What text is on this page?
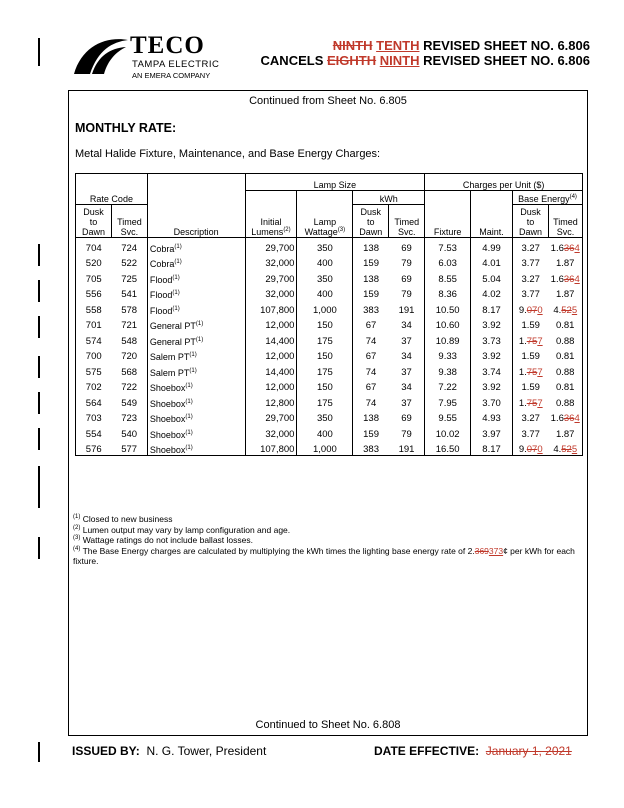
TECO
TAMPA ELECTRIC
AN EMERA COMPANY
NINTH TENTH REVISED SHEET NO. 6.806
CANCELS EIGHTH NINTH REVISED SHEET NO. 6.806
Continued from Sheet No. 6.805
MONTHLY RATE:
Metal Halide Fixture, Maintenance, and Base Energy Charges:
			Lamp Size				Charges per Unit ($)			
Rate Code					kWh				Base Energy$^{(4)}$
Dusk
to
Dawn	Timed
Svc.	Description	Initial
Lumens$^{(2)}$	Lamp
Wattage$^{(3)}$	Dusk
to
Dawn	Timed
Svc.	Fixture	Maint.	Dusk
to
Dawn	Timed
Svc.
704	724	Cobra$^{(1)}$	29,700	350	138	69	7.53	4.99	3.27	1.6364
520	522	Cobra$^{(1)}$	32,000	400	159	79	6.03	4.01	3.77	1.87
705	725	Flood$^{(1)}$	29,700	350	138	69	8.55	5.04	3.27	1.6364
556	541	Flood$^{(1)}$	32,000	400	159	79	8.36	4.02	3.77	1.87
558	578	Flood$^{(1)}$	107,800	1,000	383	191	10.50	8.17	9.070	4.525
701	721	General PT$^{(1)}$	12,000	150	67	34	10.60	3.92	1.59	0.81
574	548	General PT$^{(1)}$	14,400	175	74	37	10.89	3.73	1.757	0.88
700	720	Salem PT$^{(1)}$	12,000	150	67	34	9.33	3.92	1.59	0.81
575	568	Salem PT$^{(1)}$	14,400	175	74	37	9.38	3.74	1.757	0.88
702	722	Shoebox$^{(1)}$	12,000	150	67	34	7.22	3.92	1.59	0.81
564	549	Shoebox$^{(1)}$	12,800	175	74	37	7.95	3.70	1.757	0.88
703	723	Shoebox$^{(1)}$	29,700	350	138	69	9.55	4.93	3.27	1.6364
554	540	Shoebox$^{(1)}$	32,000	400	159	79	10.02	3.97	3.77	1.87
576	577	Shoebox$^{(1)}$	107,800	1,000	383	191	16.50	8.17	9.070	4.525
$^{(1)}$ Closed to new business
$^{(2)}$ Lumen output may vary by lamp configuration and age.
$^{(3)}$ Wattage ratings do not include ballast losses.
$^{(4)}$ The Base Energy charges are calculated by multiplying the kWh times the lighting base energy rate of 2.369373¢ per kWh for each fixture.
Continued to Sheet No. 6.808
ISSUED BY: N. G. Tower, President	DATE EFFECTIVE: January 1, 2021
